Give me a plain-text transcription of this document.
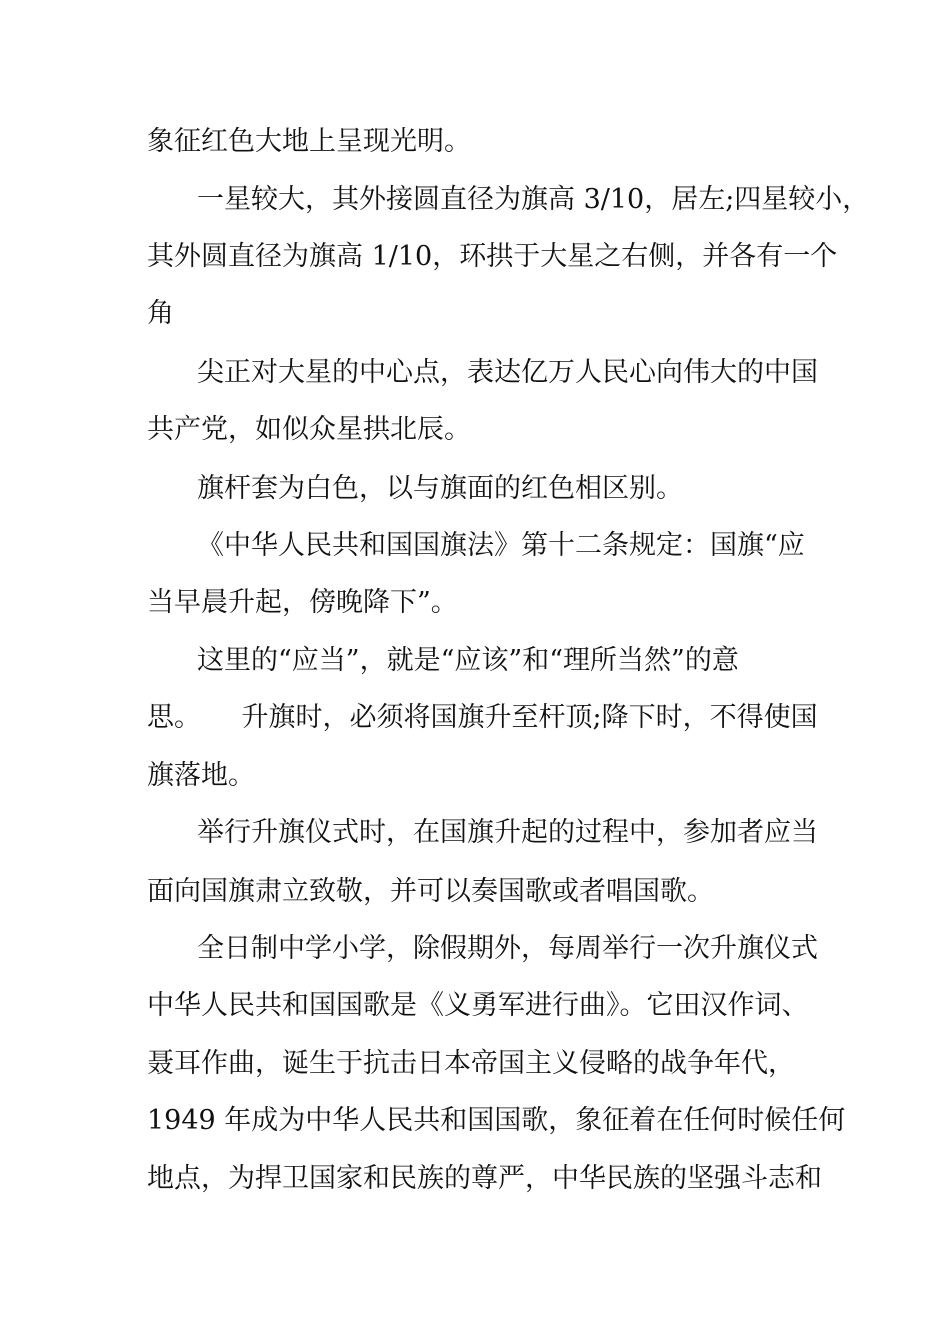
象征红色大地上呈现光明。
一星较大，其外接圆直径为旗高 3/10，居左;四星较小，
其外圆直径为旗高 1/10，环拱于大星之右侧，并各有一个
角
尖正对大星的中心点，表达亿万人民心向伟大的中国
共产党，如似众星拱北辰。
旗杆套为白色，以与旗面的红色相区别。
《中华人民共和国国旗法》第十二条规定：国旗“应
当早晨升起，傍晚降下”。
这里的“应当”，就是“应该”和“理所当然”的意
思。　　升旗时，必须将国旗升至杆顶;降下时，不得使国
旗落地。
举行升旗仪式时，在国旗升起的过程中，参加者应当
面向国旗肃立致敬，并可以奏国歌或者唱国歌。
全日制中学小学，除假期外，每周举行一次升旗仪式
中华人民共和国国歌是《义勇军进行曲》。它田汉作词、
聂耳作曲，诞生于抗击日本帝国主义侵略的战争年代，
1949 年成为中华人民共和国国歌，象征着在任何时候任何
地点，为捍卫国家和民族的尊严，中华民族的坚强斗志和
